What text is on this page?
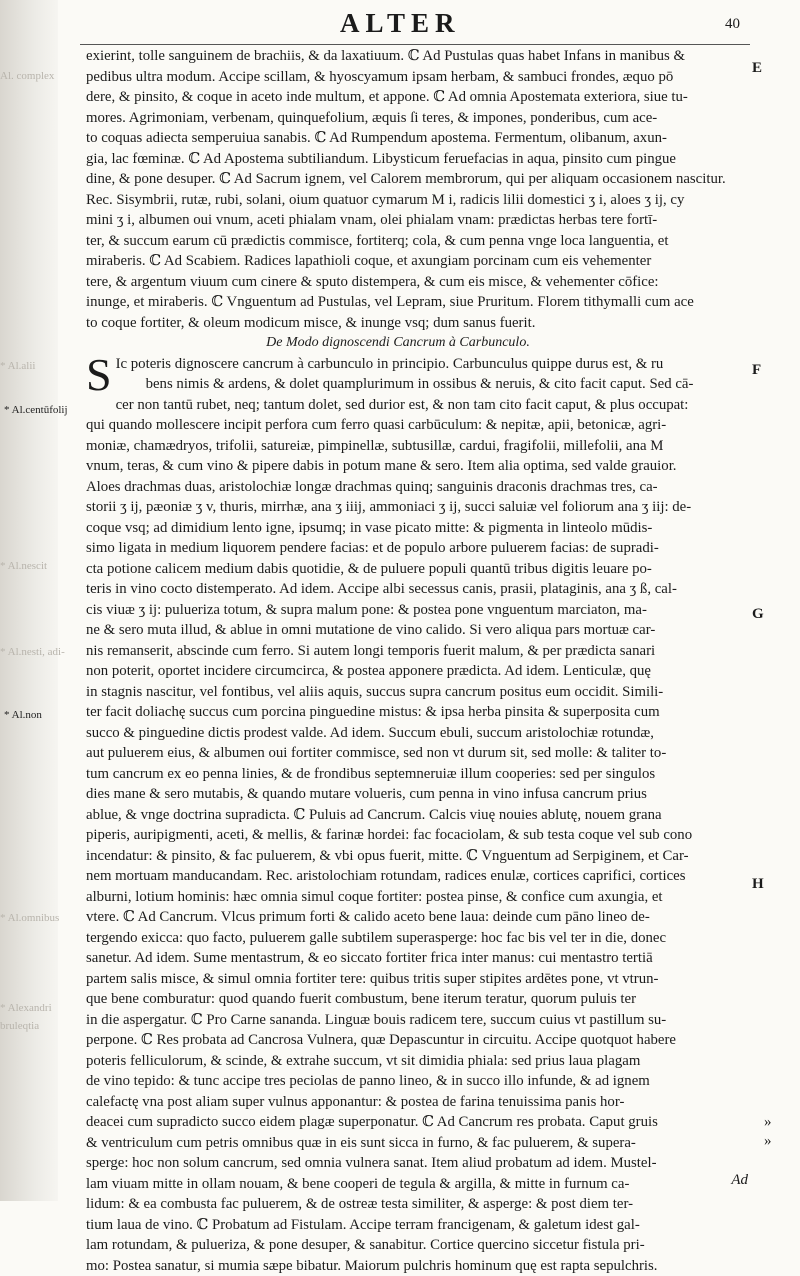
ALTER	40
Al. complex
* Al.alii
* Al.nescit
* Al.nesti, adi-
* Al.omnibus
* Alexandri
bruleqtia
* Al.centūfolij
* Al.non
E
F
G
H
»
»
exierint, tolle sanguinem de brachiis, & da laxatiuum. ℂ Ad Pustulas quas habet Infans in manibus &
pedibus ultra modum. Accipe scillam, & hyoscyamum ipsam herbam, & sambuci frondes, æquo pō
dere, & pinsito, & coque in aceto inde multum, et appone. ℂ Ad omnia Apostemata exteriora, siue tu-
mores. Agrimoniam, verbenam, quinquefolium, æquis ſi teres, & impones, ponderibus, cum ace-
to coquas adiecta semperuiua sanabis. ℂ Ad Rumpendum apostema. Fermentum, olibanum, axun-
gia, lac fœminæ. ℂ Ad Apostema subtiliandum. Libysticum feruefacias in aqua, pinsito cum pingue
dine, & pone desuper. ℂ Ad Sacrum ignem, vel Calorem membrorum, qui per aliquam occasionem nascitur.
Rec. Sisymbrii, rutæ, rubi, solani, oium quatuor cymarum M i, radicis lilii domestici ʒ i, aloes ʒ ij, cy
mini ʒ i, albumen oui vnum, aceti phialam vnam, olei phialam vnam: prædictas herbas tere fortī-
ter, & succum earum cū prædictis commisce, fortiterq; cola, & cum penna vnge loca languentia, et
miraberis. ℂ Ad Scabiem. Radices lapathioli coque, et axungiam porcinam cum eis vehementer
tere, & argentum viuum cum cinere & sputo distempera, & cum eis misce, & vehementer cōfice:
inunge, et miraberis. ℂ Vnguentum ad Pustulas, vel Lepram, siue Pruritum. Florem tithymalli cum ace
to coque fortiter, & oleum modicum misce, & inunge vsq; dum sanus fuerit.
De Modo dignoscendi Cancrum à Carbunculo.
S Ic poteris dignoscere cancrum à carbunculo in principio. Carbunculus quippe durus est, & ru
bens nimis & ardens, & dolet quamplurimum in ossibus & neruis, & cito facit caput. Sed cā-
cer non tantū rubet, neq; tantum dolet, sed durior est, & non tam cito facit caput, & plus occupat:
qui quando mollescere incipit perfora cum ferro quasi carbūculum: & nepitæ, apii, betonicæ, agri-
moniæ, chamædryos, trifolii, satureiæ, pimpinellæ, subtusillæ, cardui, fragifolii, millefolii, ana M
vnum, teras, & cum vino & pipere dabis in potum mane & sero. Item alia optima, sed valde grauior.
Aloes drachmas duas, aristolochiæ longæ drachmas quinq; sanguinis draconis drachmas tres, ca-
storii ʒ ij, pæoniæ ʒ v, thuris, mirrhæ, ana ʒ iiij, ammoniaci ʒ ij, succi saluiæ vel foliorum ana ʒ iij: de-
coque vsq; ad dimidium lento igne, ipsumq; in vase picato mitte: & pigmenta in linteolo mūdis-
simo ligata in medium liquorem pendere facias: et de populo arbore puluerem facias: de supradi-
cta potione calicem medium dabis quotidie, & de puluere populi quantū tribus digitis leuare po-
teris in vino cocto distemperato. Ad idem. Accipe albi secessus canis, prasii, plataginis, ana ʒ ß, cal-
cis viuæ ʒ ij: pulueriza totum, & supra malum pone: & postea pone vnguentum marciaton, ma-
ne & sero muta illud, & ablue in omni mutatione de vino calido. Si vero aliqua pars mortuæ car-
nis remanserit, abscinde cum ferro. Si autem longi temporis fuerit malum, & per prædicta sanari
non poterit, oportet incidere circumcirca, & postea apponere prædicta. Ad idem. Lenticulæ, quę
in stagnis nascitur, vel fontibus, vel aliis aquis, succus supra cancrum positus eum occidit. Simili-
ter facit doliachę succus cum porcina pinguedine mistus: & ipsa herba pinsita & superposita cum
succo & pinguedine dictis prodest valde. Ad idem. Succum ebuli, succum aristolochiæ rotundæ,
aut puluerem eius, & albumen oui fortiter commisce, sed non vt durum sit, sed molle: & taliter to-
tum cancrum ex eo penna linies, & de frondibus septemneruiæ illum cooperies: sed per singulos
dies mane & sero mutabis, & quando mutare volueris, cum penna in vino infusa cancrum prius
ablue, & vnge doctrina supradicta. ℂ Puluis ad Cancrum. Calcis viuę nouies ablutę, nouem grana
piperis, auripigmenti, aceti, & mellis, & farinæ hordei: fac focaciolam, & sub testa coque vel sub cono
incendatur: & pinsito, & fac puluerem, & vbi opus fuerit, mitte. ℂ Vnguentum ad Serpiginem, et Car-
nem mortuam manducandam. Rec. aristolochiam rotundam, radices enulæ, cortices caprifici, cortices
alburni, lotium hominis: hæc omnia simul coque fortiter: postea pinse, & confice cum axungia, et
vtere. ℂ Ad Cancrum. Vlcus primum forti & calido aceto bene laua: deinde cum pāno lineo de-
tergendo exicca: quo facto, puluerem galle subtilem superasperge: hoc fac bis vel ter in die, donec
sanetur. Ad idem. Sume mentastrum, & eo siccato fortiter frica inter manus: cui mentastro tertiā
partem salis misce, & simul omnia fortiter tere: quibus tritis super stipites ardētes pone, vt vtrun-
que bene comburatur: quod quando fuerit combustum, bene iterum teratur, quorum puluis ter
in die aspergatur. ℂ Pro Carne sananda. Linguæ bouis radicem tere, succum cuius vt pastillum su-
perpone. ℂ Res probata ad Cancrosa Vulnera, quæ Depascuntur in circuitu. Accipe quotquot habere
poteris felliculorum, & scinde, & extrahe succum, vt sit dimidia phiala: sed prius laua plagam
de vino tepido: & tunc accipe tres peciolas de panno lineo, & in succo illo infunde, & ad ignem
calefactę vna post aliam super vulnus apponantur: & postea de farina tenuissima panis hor-
deacei cum supradicto succo eidem plagæ superponatur. ℂ Ad Cancrum res probata. Caput gruis
& ventriculum cum petris omnibus quæ in eis sunt sicca in furno, & fac puluerem, & supera-
sperge: hoc non solum cancrum, sed omnia vulnera sanat. Item aliud probatum ad idem. Mustel-
lam viuam mitte in ollam nouam, & bene cooperi de tegula & argilla, & mitte in furnum ca-
lidum: & ea combusta fac puluerem, & de ostreæ testa similiter, & asperge: & post diem ter-
tium laua de vino. ℂ Probatum ad Fistulam. Accipe terram francigenam, & galetum idest gal-
lam rotundam, & pulueriza, & pone desuper, & sanabitur. Cortice quercino siccetur fistula pri-
mo: Postea sanatur, si mumia sæpe bibatur. Maiorum pulchris hominum quę est rapta sepulchris.
Ad
